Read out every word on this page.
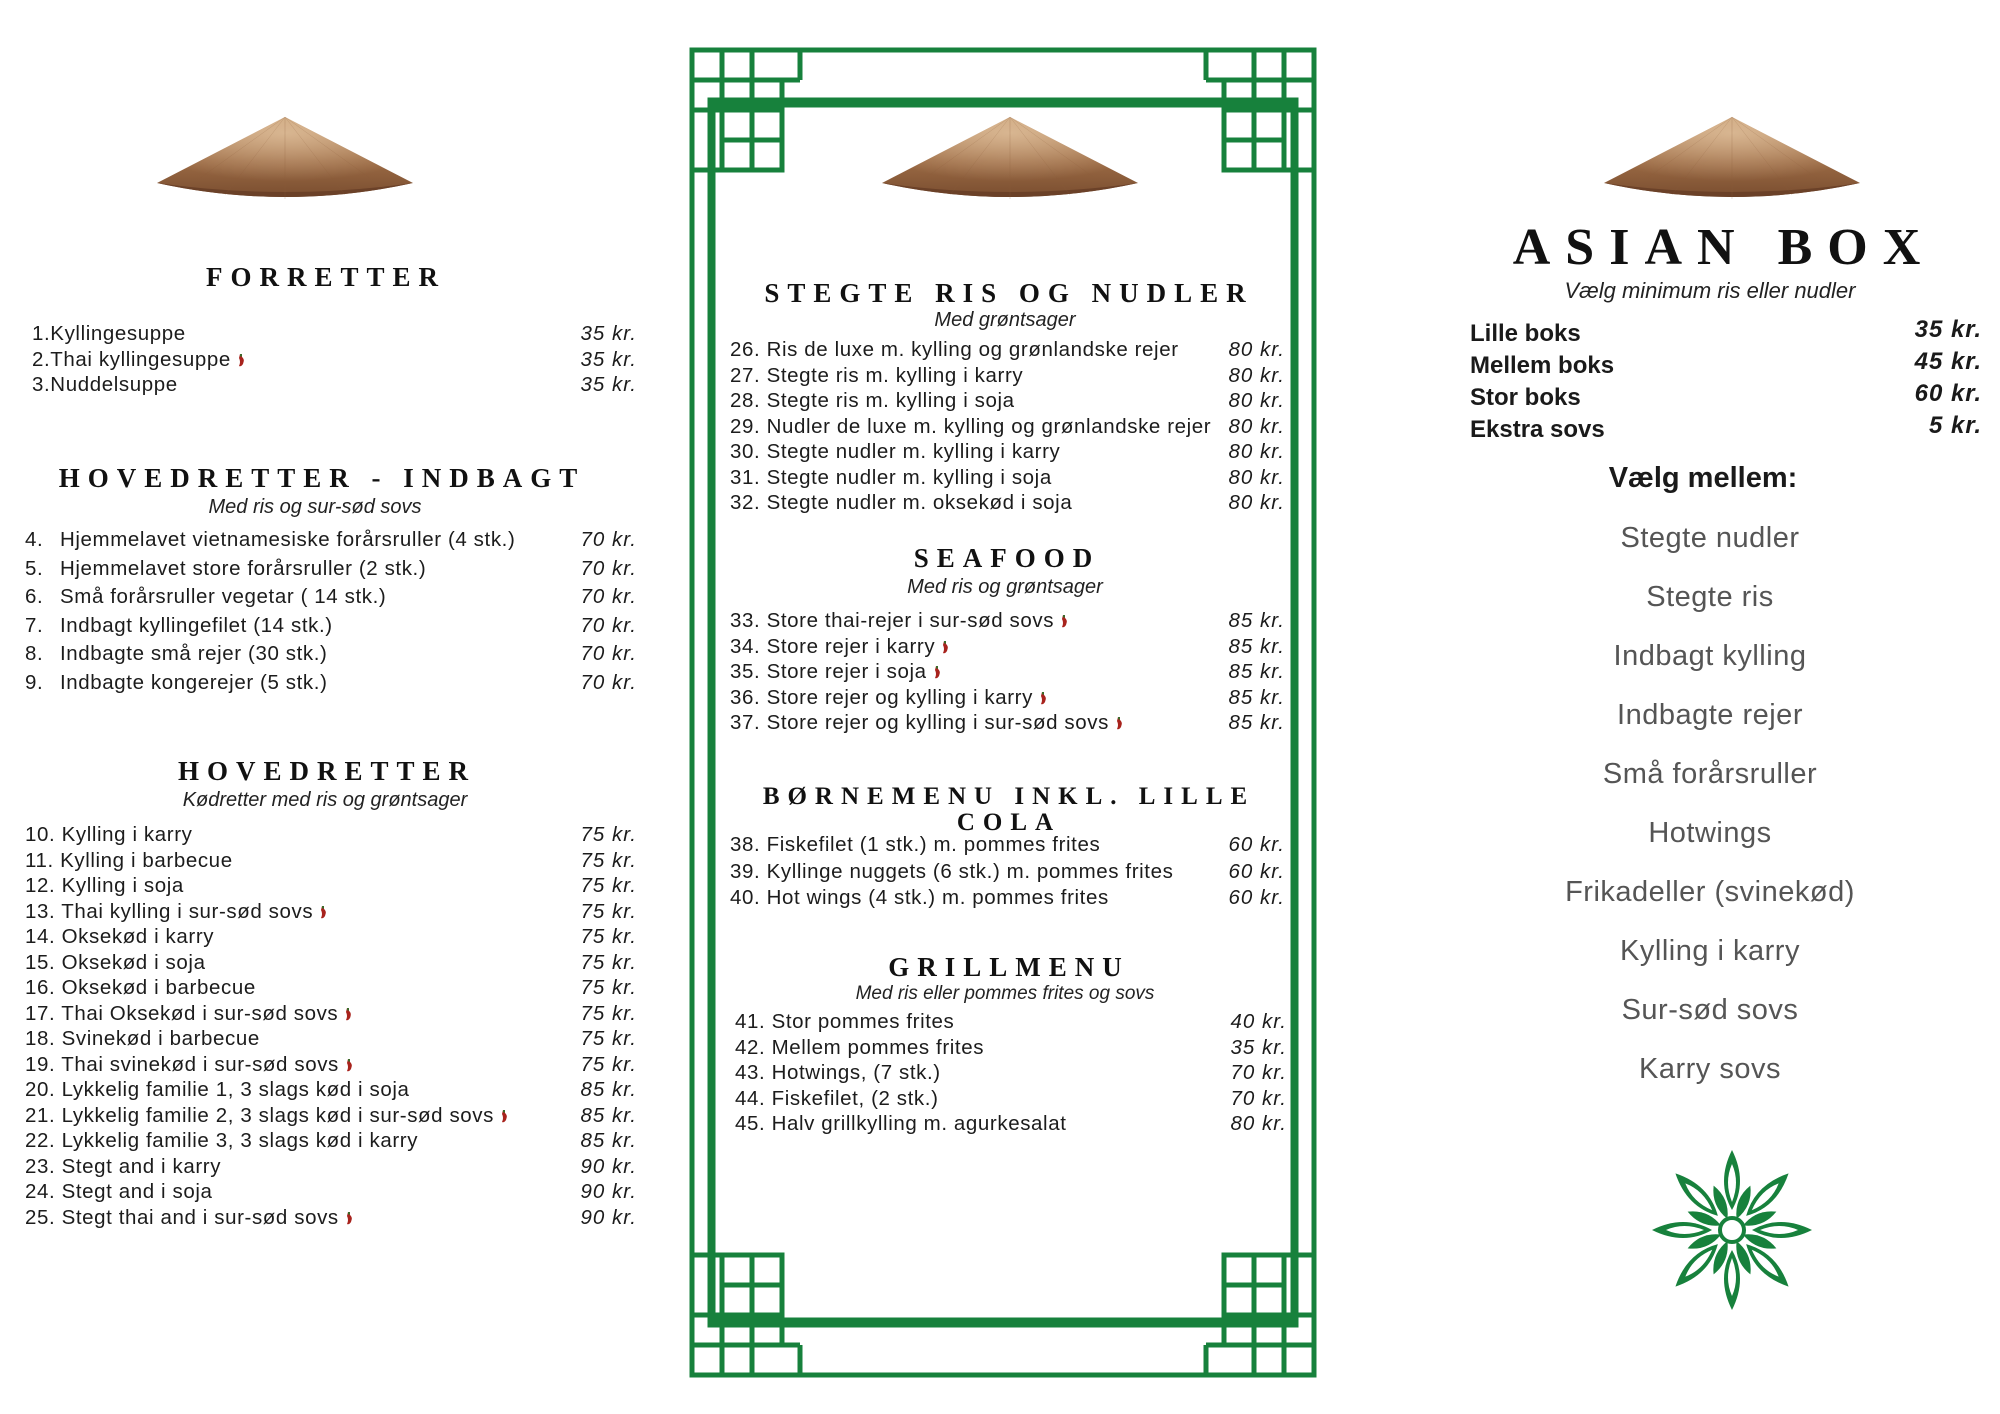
FORRETTER
1.Kyllingesuppe	35 kr.
2.Thai kyllingesuppe	35 kr.
3.Nuddelsuppe	35 kr.
HOVEDRETTER - INDBAGT
Med ris og sur-sød sovs
4. Hjemmelavet vietnamesiske forårsruller (4 stk.)	70 kr.
5. Hjemmelavet store forårsruller (2 stk.)	70 kr.
6. Små forårsruller vegetar ( 14 stk.)	70 kr.
7. Indbagt kyllingefilet (14 stk.)	70 kr.
8. Indbagte små rejer (30 stk.)	70 kr.
9. Indbagte kongerejer (5 stk.)	70 kr.
HOVEDRETTER
Kødretter med ris og grøntsager
10. Kylling i karry	75 kr.
11. Kylling i barbecue	75 kr.
12. Kylling i soja	75 kr.
13. Thai kylling i sur-sød sovs	75 kr.
14. Oksekød i karry	75 kr.
15. Oksekød i soja	75 kr.
16. Oksekød i barbecue	75 kr.
17. Thai Oksekød i sur-sød sovs	75 kr.
18. Svinekød i barbecue	75 kr.
19. Thai svinekød i sur-sød sovs	75 kr.
20. Lykkelig familie 1, 3 slags kød i soja	85 kr.
21. Lykkelig familie 2, 3 slags kød i sur-sød sovs	85 kr.
22. Lykkelig familie 3, 3 slags kød i karry	85 kr.
23. Stegt and i karry	90 kr.
24. Stegt and i soja	90 kr.
25. Stegt thai and i sur-sød sovs	90 kr.
STEGTE RIS OG NUDLER
Med grøntsager
26. Ris de luxe m. kylling og grønlandske rejer 80 kr.
27. Stegte ris m. kylling i karry	80 kr.
28. Stegte ris m. kylling i soja	80 kr.
29. Nudler de luxe m. kylling og grønlandske rejer 80 kr.
30. Stegte nudler m. kylling i karry	80 kr.
31. Stegte nudler m. kylling i soja	80 kr.
32. Stegte nudler m. oksekød i soja	80 kr.
SEAFOOD
Med ris og grøntsager
33. Store thai-rejer i sur-sød sovs	85 kr.
34. Store rejer i karry	85 kr.
35. Store rejer i soja	85 kr.
36. Store rejer og kylling i karry	85 kr.
37. Store rejer og kylling i sur-sød sovs	85 kr.
BØRNEMENU INKL. LILLE
COLA
38. Fiskefilet (1 stk.) m. pommes frites	60 kr.
39. Kyllinge nuggets (6 stk.) m. pommes frites	60 kr.
40. Hot wings (4 stk.) m. pommes frites	60 kr.
GRILLMENU
Med ris eller pommes frites og sovs
41. Stor pommes frites	40 kr.
42. Mellem pommes frites	35 kr.
43. Hotwings, (7 stk.)	70 kr.
44. Fiskefilet, (2 stk.)	70 kr.
45. Halv grillkylling m. agurkesalat	80 kr.
ASIAN BOX
Vælg minimum ris eller nudler
Lille boks	35 kr.
Mellem boks	45 kr.
Stor boks	60 kr.
Ekstra sovs	5 kr.
Vælg mellem:
Stegte nudler
Stegte ris
Indbagt kylling
Indbagte rejer
Små forårsruller
Hotwings
Frikadeller (svinekød)
Kylling i karry
Sur-sød sovs
Karry sovs
